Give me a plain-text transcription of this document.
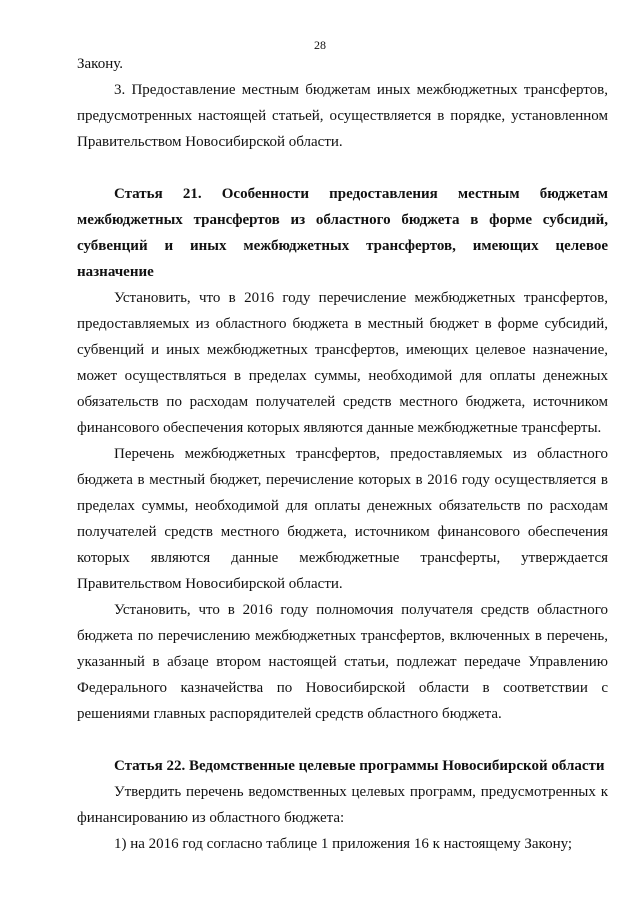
28

Закону.

3. Предоставление местным бюджетам иных межбюджетных трансфертов, предусмотренных настоящей статьей, осуществляется в порядке, установленном Правительством Новосибирской области.

Статья 21. Особенности предоставления местным бюджетам межбюджетных трансфертов из областного бюджета в форме субсидий, субвенций и иных межбюджетных трансфертов, имеющих целевое назначение

Установить, что в 2016 году перечисление межбюджетных трансфертов, предоставляемых из областного бюджета в местный бюджет в форме субсидий, субвенций и иных межбюджетных трансфертов, имеющих целевое назначение, может осуществляться в пределах суммы, необходимой для оплаты денежных обязательств по расходам получателей средств местного бюджета, источником финансового обеспечения которых являются данные межбюджетные трансферты.

Перечень межбюджетных трансфертов, предоставляемых из областного бюджета в местный бюджет, перечисление которых в 2016 году осуществляется в пределах суммы, необходимой для оплаты денежных обязательств по расходам получателей средств местного бюджета, источником финансового обеспечения которых являются данные межбюджетные трансферты, утверждается Правительством Новосибирской области.

Установить, что в 2016 году полномочия получателя средств областного бюджета по перечислению межбюджетных трансфертов, включенных в перечень, указанный в абзаце втором настоящей статьи, подлежат передаче Управлению Федерального казначейства по Новосибирской области в соответствии с решениями главных распорядителей средств областного бюджета.

Статья 22. Ведомственные целевые программы Новосибирской области

Утвердить перечень ведомственных целевых программ, предусмотренных к финансированию из областного бюджета:

1) на 2016 год согласно таблице 1 приложения 16 к настоящему Закону;
